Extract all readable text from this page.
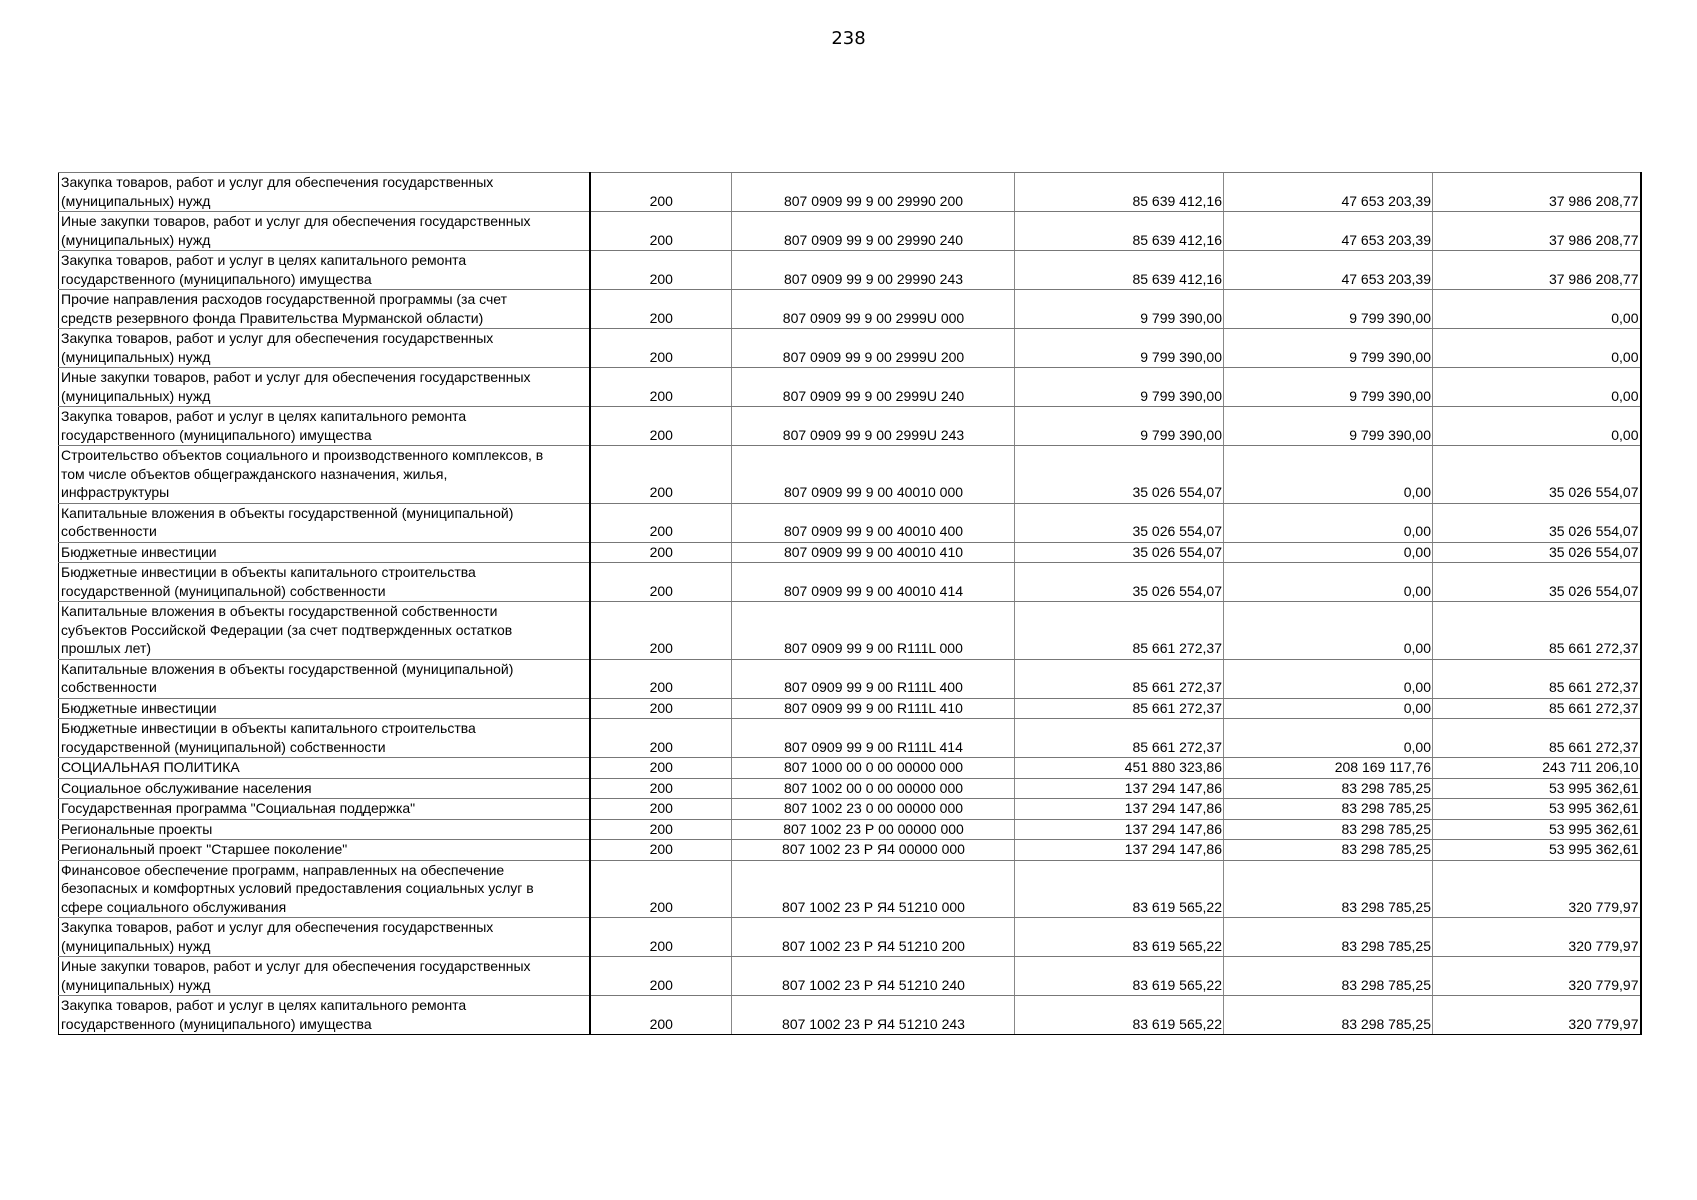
238
Закупка товаров, работ и услуг для обеспечения государственных
(муниципальных) нужд	200	807 0909 99 9 00 29990 200	85 639 412,16	47 653 203,39	37 986 208,77
Иные закупки товаров, работ и услуг для обеспечения государственных
(муниципальных) нужд	200	807 0909 99 9 00 29990 240	85 639 412,16	47 653 203,39	37 986 208,77
Закупка товаров, работ и услуг в целях капитального ремонта
государственного (муниципального) имущества	200	807 0909 99 9 00 29990 243	85 639 412,16	47 653 203,39	37 986 208,77
Прочие направления расходов государственной программы (за счет
средств резервного фонда Правительства Мурманской области)	200	807 0909 99 9 00 2999U 000	9 799 390,00	9 799 390,00	0,00
Закупка товаров, работ и услуг для обеспечения государственных
(муниципальных) нужд	200	807 0909 99 9 00 2999U 200	9 799 390,00	9 799 390,00	0,00
Иные закупки товаров, работ и услуг для обеспечения государственных
(муниципальных) нужд	200	807 0909 99 9 00 2999U 240	9 799 390,00	9 799 390,00	0,00
Закупка товаров, работ и услуг в целях капитального ремонта
государственного (муниципального) имущества	200	807 0909 99 9 00 2999U 243	9 799 390,00	9 799 390,00	0,00
Строительство объектов социального и производственного комплексов, в
том числе объектов общегражданского назначения, жилья,
инфраструктуры	200	807 0909 99 9 00 40010 000	35 026 554,07	0,00	35 026 554,07
Капитальные вложения в объекты государственной (муниципальной)
собственности	200	807 0909 99 9 00 40010 400	35 026 554,07	0,00	35 026 554,07
Бюджетные инвестиции	200	807 0909 99 9 00 40010 410	35 026 554,07	0,00	35 026 554,07
Бюджетные инвестиции в объекты капитального строительства
государственной (муниципальной) собственности	200	807 0909 99 9 00 40010 414	35 026 554,07	0,00	35 026 554,07
Капитальные вложения в объекты государственной собственности
субъектов Российской Федерации (за счет подтвержденных остатков
прошлых лет)	200	807 0909 99 9 00 R111L 000	85 661 272,37	0,00	85 661 272,37
Капитальные вложения в объекты государственной (муниципальной)
собственности	200	807 0909 99 9 00 R111L 400	85 661 272,37	0,00	85 661 272,37
Бюджетные инвестиции	200	807 0909 99 9 00 R111L 410	85 661 272,37	0,00	85 661 272,37
Бюджетные инвестиции в объекты капитального строительства
государственной (муниципальной) собственности	200	807 0909 99 9 00 R111L 414	85 661 272,37	0,00	85 661 272,37
СОЦИАЛЬНАЯ ПОЛИТИКА	200	807 1000 00 0 00 00000 000	451 880 323,86	208 169 117,76	243 711 206,10
Социальное обслуживание населения	200	807 1002 00 0 00 00000 000	137 294 147,86	83 298 785,25	53 995 362,61
Государственная программа "Социальная поддержка"	200	807 1002 23 0 00 00000 000	137 294 147,86	83 298 785,25	53 995 362,61
Региональные проекты	200	807 1002 23 Р 00 00000 000	137 294 147,86	83 298 785,25	53 995 362,61
Региональный проект "Старшее поколение"	200	807 1002 23 Р Я4 00000 000	137 294 147,86	83 298 785,25	53 995 362,61
Финансовое обеспечение программ, направленных на обеспечение
безопасных и комфортных условий предоставления социальных услуг в
сфере социального обслуживания	200	807 1002 23 Р Я4 51210 000	83 619 565,22	83 298 785,25	320 779,97
Закупка товаров, работ и услуг для обеспечения государственных
(муниципальных) нужд	200	807 1002 23 Р Я4 51210 200	83 619 565,22	83 298 785,25	320 779,97
Иные закупки товаров, работ и услуг для обеспечения государственных
(муниципальных) нужд	200	807 1002 23 Р Я4 51210 240	83 619 565,22	83 298 785,25	320 779,97
Закупка товаров, работ и услуг в целях капитального ремонта
государственного (муниципального) имущества	200	807 1002 23 Р Я4 51210 243	83 619 565,22	83 298 785,25	320 779,97
